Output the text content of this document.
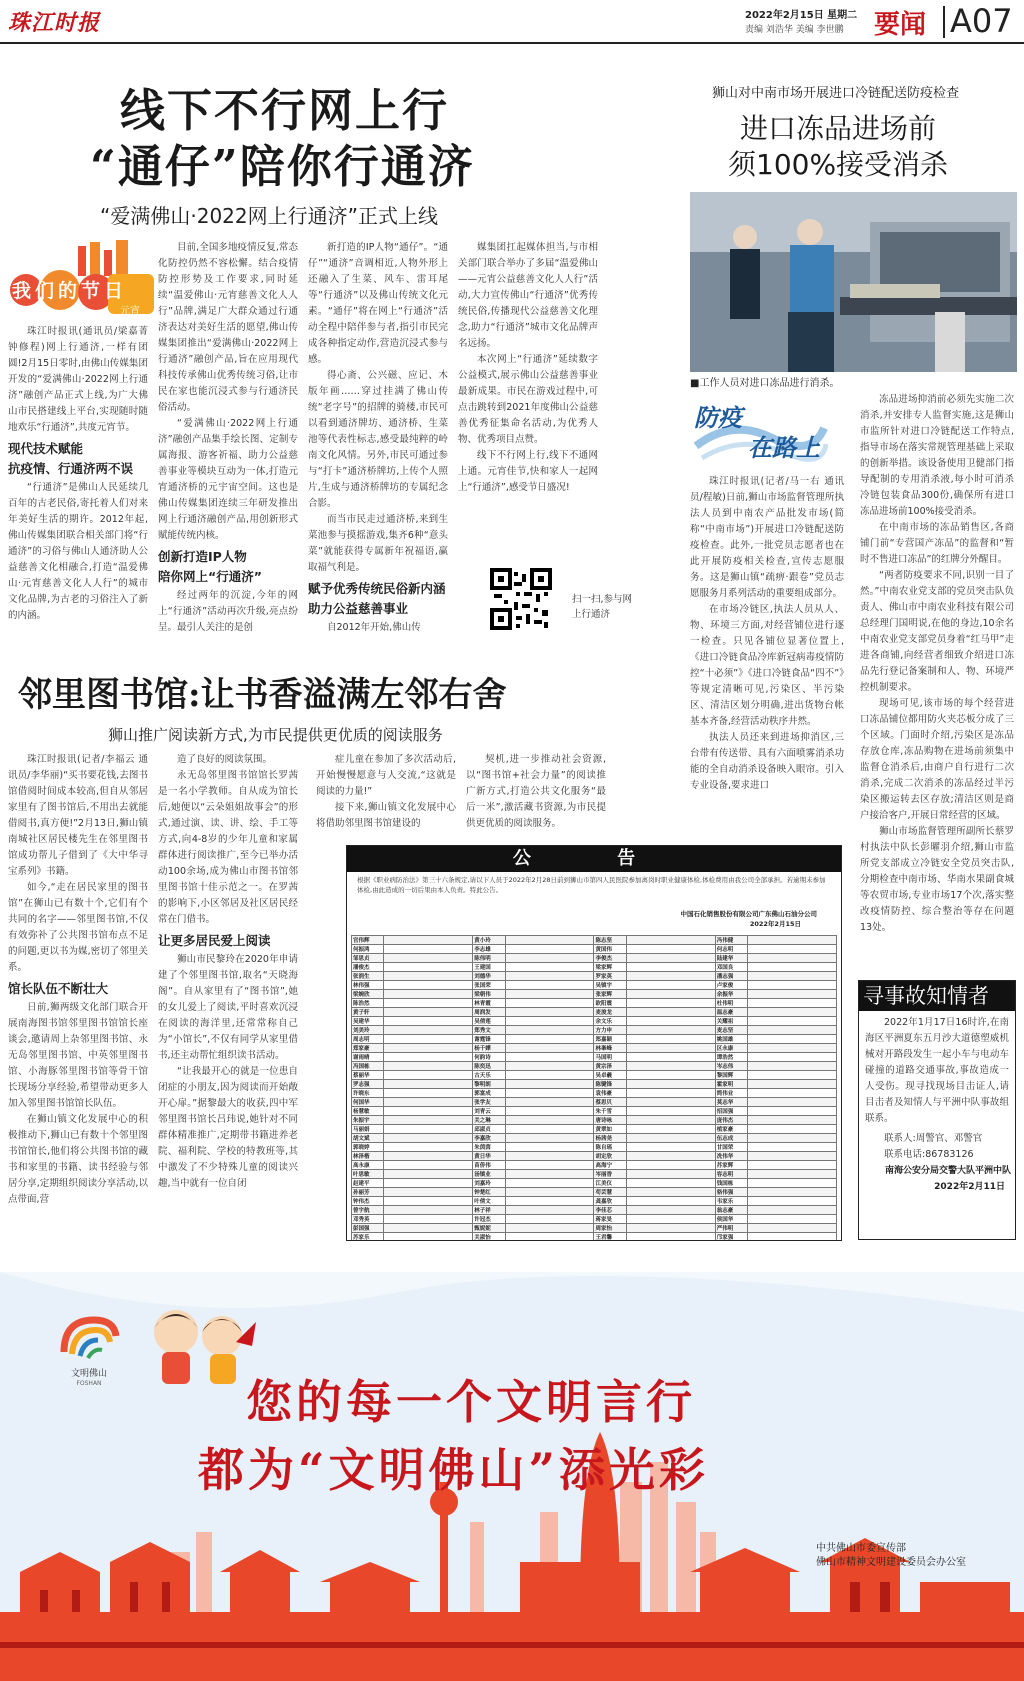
珠江时报	2022年2月15日 星期二
责编 刘浩华 美编 李世鹏 要闻 A07
线下不行网上行
“通仔”陪你行通济
“爱满佛山·2022网上行通济”正式上线
我们的节日
元宵

珠江时报讯(通讯员/梁嘉菁 钟修程)网上行通济,一样有团圆!2月15日零时,由佛山传媒集团开发的“爱满佛山·2022网上行通济”融创产品正式上线,为广大佛山市民搭建线上平台,实现随时随地欢乐“行通济”,共度元宵节。

现代技术赋能
抗疫情、行通济两不误

“行通济”是佛山人民延续几百年的古老民俗,寄托着人们对来年美好生活的期许。2012年起,佛山传媒集团联合相关部门将“行通济”的习俗与佛山人通济助人公益慈善文化相融合,打造“温爱佛山·元宵慈善文化人人行”的城市文化品牌,为古老的习俗注入了新的内涵。

目前,全国多地疫情反复,常态化防控仍然不容松懈。结合疫情防控形势及工作要求,同时延续“温爱佛山·元宵慈善文化人人行”品牌,满足广大群众通过行通济表达对美好生活的愿望,佛山传媒集团推出“爱满佛山·2022网上行通济”融创产品,旨在应用现代科技传承佛山优秀传统习俗,让市民在家也能沉浸式参与行通济民俗活动。

“爱满佛山·2022网上行通济”融创产品集手绘长图、定制专属海报、游客祈福、助力公益慈善事业等模块互动为一体,打造元宵通济桥的元宇宙空间。这也是佛山传媒集团连续三年研发推出网上行通济融创产品,用创新形式赋能传统内核。

创新打造IP人物
陪你网上“行通济”

经过两年的沉淀,今年的网上“行通济”活动再次升级,亮点纷呈。最引人关注的是创

新打造的IP人物“通仔”。“通仔”“通济”音调相近,人物外形上还融入了生菜、风车、雷耳尾等“行通济”以及佛山传统文化元素。“通仔”将在网上“行通济”活动全程中陪伴参与者,指引市民完成各种指定动作,营造沉浸式参与感。

得心斋、公兴磁、应记、木版年画……穿过挂满了佛山传统“老字号”的招牌的骑楼,市民可以看到通济牌坊、通济桥、生菜池等代表性标志,感受最纯粹的岭南文化风情。另外,市民可通过参与“打卡”通济桥牌坊,上传个人照片,生成与通济桥牌坊的专属纪念合影。

而当市民走过通济桥,来到生菜池参与摸摇游戏,集齐6种“意头菜”就能获得专属新年祝福语,赢取福气利是。

赋予优秀传统民俗新内涵
助力公益慈善事业

自2012年开始,佛山传

媒集团扛起媒体担当,与市相关部门联合举办了多届“温爱佛山——元宵公益慈善文化人人行”活动,大力宣传佛山“行通济”优秀传统民俗,传播现代公益慈善文化理念,助力“行通济”城市文化品牌声名远扬。

本次网上“行通济”延续数字公益模式,展示佛山公益慈善事业最新成果。市民在游戏过程中,可点击跳转到2021年度佛山公益慈善优秀征集命名活动,为优秀人物、优秀项目点赞。

线下不行网上行,线下不通网上通。元宵佳节,快和家人一起网上“行通济”,感受节日盛况!

扫一扫,参与网上行通济
邻里图书馆:让书香溢满左邻右舍
狮山推广阅读新方式,为市民提供更优质的阅读服务

珠江时报讯(记者/李福云 通讯员/李华丽)“买书要花钱,去图书馆借阅时间成本较高,但自从邻居家里有了图书馆后,不用出去就能借阅书,真方便!”2月13日,狮山镇南城社区居民楼先生在邻里图书馆成功帮儿子借到了《大中华寻宝系列》书籍。

如今,“走在居民家里的图书馆”在狮山已有数十个,它们有个共同的名字——邻里图书馆,不仅有效弥补了公共图书馆布点不足的问题,更以书为媒,密切了邻里关系。

馆长队伍不断壮大

日前,狮两级文化部门联合开展南海图书馆邻里图书馆馆长座谈会,邀请周上杂邻里图书馆、永无岛邻里图书馆、中英邻里图书馆、小海豚邻里图书馆等骨干馆长现场分享经验,希望带动更多人加入邻里图书馆馆长队伍。

在狮山镇文化发展中心的积极推动下,狮山已有数十个邻里图书馆馆长,他们将公共图书馆的藏书和家里的书籍、读书经验与邻居分享,定期组织阅读分享活动,以点带面,营

造了良好的阅读氛围。

永无岛邻里图书馆馆长罗茜是一名小学教师。自从成为馆长后,她便以“云朵姐姐故事会”的形式,通过演、读、讲、绘、手工等方式,向4-8岁的少年儿童和家属群体进行阅读推广,至今已举办活动100余场,成为佛山市图书馆邻里图书馆十佳示范之一。在罗茜的影响下,小区邻居及社区居民经常在门借书。

让更多居民爱上阅读

狮山市民黎玲在2020年申请建了个邻里图书馆,取名“天晓海阁”。自从家里有了“图书馆”,她的女儿爱上了阅读,平时喜欢沉浸在阅读的海洋里,还常常称自己为“小馆长”,不仅有同学从家里借书,还主动帮忙组织读书活动。

“让我最开心的就是一位患自闭症的小朋友,因为阅读而开始敞开心扉。”据黎最大的收获,四中军邻里图书馆长吕玮说,她针对不同群体精准推广,定期带书籍进养老院、福利院、学校的特教班等,其中激发了不少特殊儿童的阅读兴趣,当中就有一位自闭

症儿童在参加了多次活动后,开始慢慢愿意与人交流,“这就是阅读的力量!”

接下来,狮山镇文化发展中心将借助邻里图书馆建设的

契机,进一步推动社会资源,以“图书馆+社会力量”的阅读推广新方式,打造公共文化服务“最后一米”,激活藏书资源,为市民提供更优质的阅读服务。

公 告
根据《职业病防治法》第三十六条规定,请以下人员于2022年2月28日前到狮山市第四人民医院参加离岗时职业健康体检,体检费用由我公司全部承担。若逾期未参加体检,由此造成的一切后果由本人负责。特此公告。
中国石化销售股份有限公司广东佛山石油分公司
2022年2月15日
官伟辉		黄小玲		陈志坚		冯伟健	
何振鸿		李志雄		黄国伟		何志明	
邹思贞		陈伟明		李俊杰		陆建华	
潘俊杰		王建国		梁家辉		邓国良	
张润生		刘德华		罗家英		潘志强	
林伟强		张国荣		吴镇宇		卢家俊	
梁婉欣		梁朝伟		张家辉		余振华	
陈浩然		林青霞		欧阳震		杜伟明	
黄子轩		周润发		麦浚龙		温志豪	
吴建华		吴倩莲		余文乐		关耀祖	
刘美玲		郑秀文		方力申		麦志坚	
周志明		谢霆锋		郑嘉颖		姚国雄	
郑家豪		杨千嬅		林峯峰		区永康	
谢雨晴		何韵诗		马国明		谭浩然	
冯国栋		陈奕迅		黄宗泽		岑志伟	
蔡丽华		古天乐		吴卓羲		黎国辉	
罗志强		黎明朗		陈键锋		霍家明	
许晓东		郭富成		袁伟豪		简伟业	
何国华		张学友		蔡思贝		莫志华	
杨慧敏		刘青云		朱千雪		招国强	
朱振宇		关之琳		唐诗咏		庞伟杰	
马丽娟		邱淑贞		黄翠如		植家豪	
胡文斌		李嘉欣		杨茜尧		伍志成	
郭晓婷		朱茵茵		陈自瑶		甘国荣	
林泽楷		黄日华		胡定欣		冼伟华	
高永康		苗侨伟		高海宁		苏家辉	
叶思敏		汤镇业		岑丽香		容志明	
赵建平		刘嘉玲		江美仪		钱国栋	
孙丽芳		钟楚红		苟芸慧		骆伟强	
钟伟杰		叶倩文		龚嘉欣		韦家乐	
曾宇航		林子祥		李佳芯		翁志豪	
邓秀英		许冠杰		蒋家旻		侯国华	
彭国强		甄妮妮		周家怡		严伟明	
苏家乐		关淑怡		王君馨		邝家强	
狮山对中南市场开展进口冷链配送防疫检查
进口冻品进场前
须100%接受消杀
■工作人员对进口冻品进行消杀。
防疫
在路上

珠江时报讯(记者/马一右 通讯员/程敏)日前,狮山市场监督管理所执法人员到中南农产品批发市场(简称“中南市场”)开展进口冷链配送防疫检查。此外,一批党员志愿者也在此开展防疫相关检查,宣传志愿服务。这是狮山镇“疏痹·跟卷”党员志愿服务月系列活动的重要组成部分。

在市场冷链区,执法人员从人、物、环境三方面,对经营铺位进行逐一检查。只见各铺位显著位置上,《进口冷链食品冷库新冠病毒疫情防控“十必须”》《进口冷链食品“四不”》等规定清晰可见,污染区、半污染区、清洁区划分明确,进出货物台帐基本齐备,经营活动秩序井然。

执法人员还来到进场抑消区,三台带有传送带、具有六面喷雾消杀功能的全自动消杀设备映入眼帘。引入专业设备,要求进口

冻品进场抑消前必须先实施二次消杀,并安排专人监督实施,这是狮山市监所针对进口冷链配送工作特点,指导市场在落实常规管理基础上采取的创新举措。该设备使用卫健部门指导配制的专用消杀液,每小时可消杀冷链包装食品300份,确保所有进口冻品进场前100%接受消杀。

在中南市场的冻品销售区,各商铺门前“专营国产冻品”的监督和“暂时不售进口冻品”的红牌分外醒目。

“两者防疫要求不同,识别一目了然。”中南农业党支部的党员突击队负责人、佛山市中南农业科技有限公司总经理门国明说,在他的身边,10余名中南农业党支部党员身着“红马甲”走进各商铺,向经营者细致介绍进口冻品先行登记备案制和人、物、环境严控机制要求。

现场可见,该市场的每个经营进口冻品铺位都用防火夹芯板分成了三个区域。门面时介绍,污染区是冻品存放仓库,冻品购物在进场前须集中监督仓消杀后,由商户自行进行二次消杀,完成二次消杀的冻品经过半污染区搬运转去区存放;清洁区则是商户接洽客户,开展日常经营的区域。

狮山市场监督管理所副所长蔡罗村执法中队长彭曜羽介绍,狮山市监所党支部成立冷链安全党员突击队,分期检查中南市场、华南水果副食城等农贸市场,专业市场17个次,落实整改疫情防控、综合整治等存在问题13处。

寻事故知情者
2022年1月17日16时许,在南海区平洲夏东五月沙大道德塑威机械对开路段发生一起小车与电动车碰撞的道路交通事故,事故造成一人受伤。现寻找现场目击证人,请目击者及知情人与平洲中队事故组联系。
联系人:周警官、邓警官
联系电话:86783126
南海公安分局交警大队平洲中队
2022年2月11日
文明佛山
FOSHAN	您的每一个文明言行
都为“文明佛山”添光彩
中共佛山市委宣传部
佛山市精神文明建设委员会办公室
